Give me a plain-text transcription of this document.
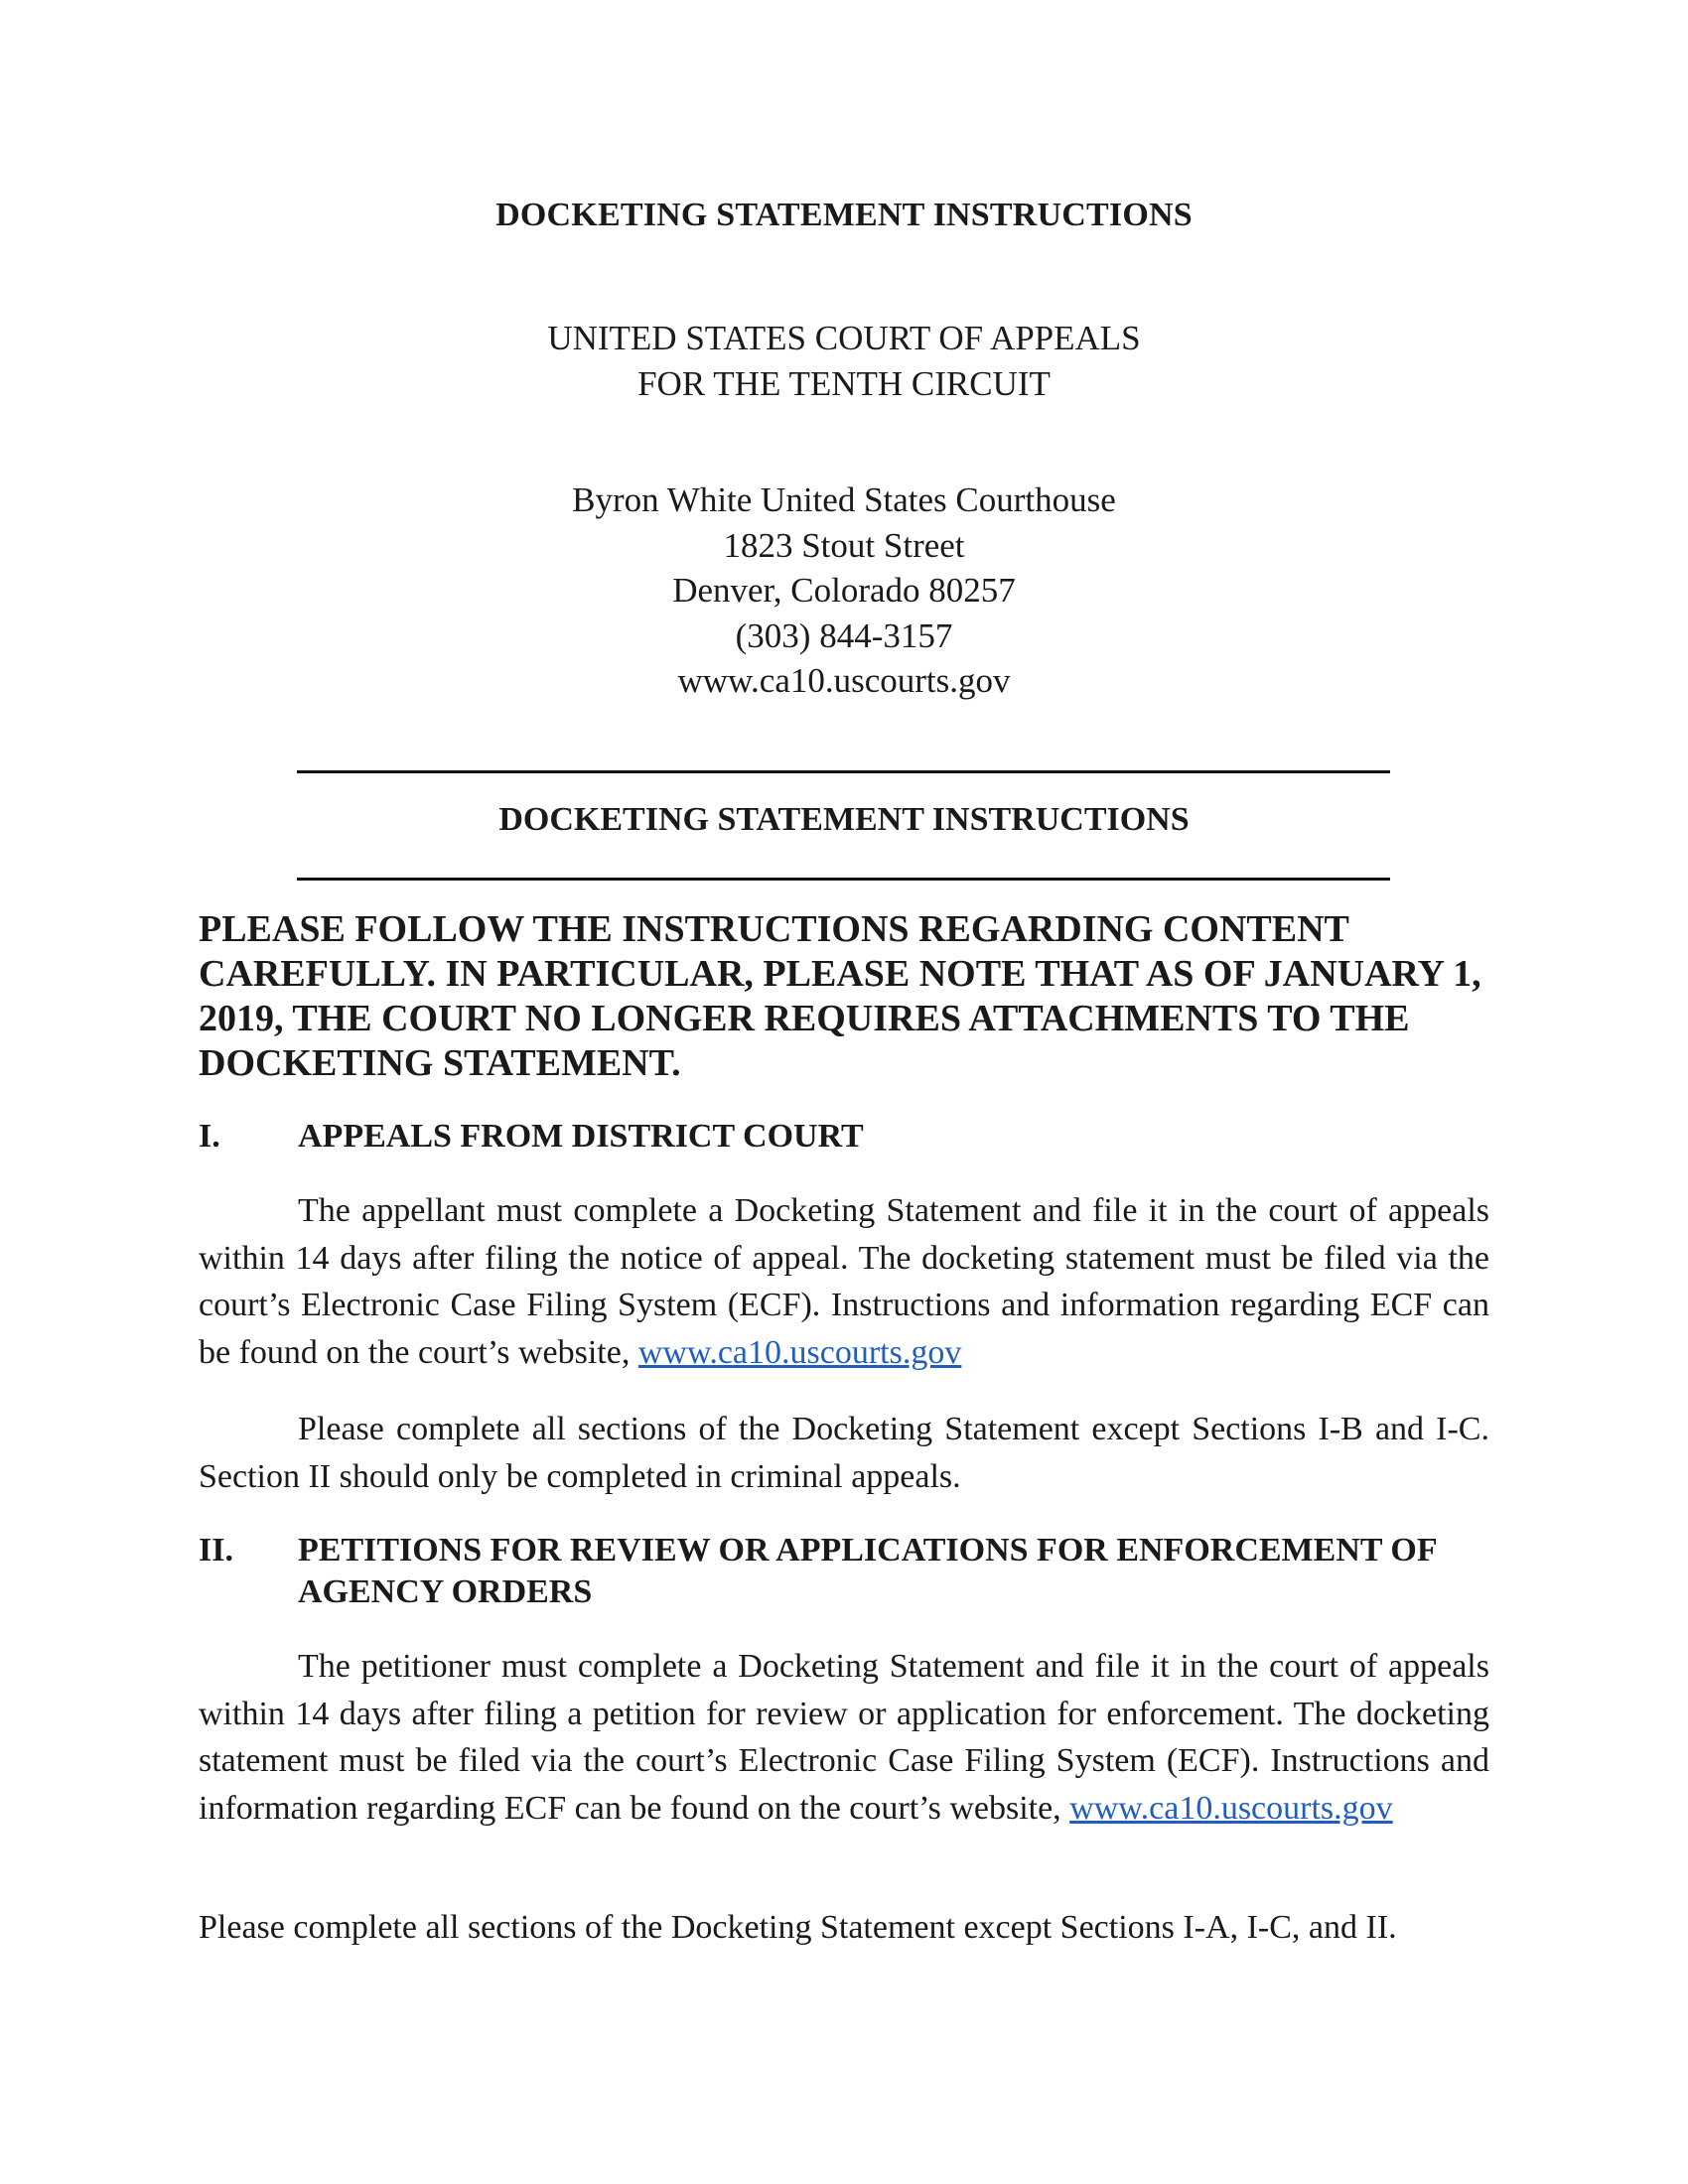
DOCKETING STATEMENT INSTRUCTIONS
UNITED STATES COURT OF APPEALS
FOR THE TENTH CIRCUIT
Byron White United States Courthouse
1823 Stout Street
Denver, Colorado 80257
(303) 844-3157
www.ca10.uscourts.gov
DOCKETING STATEMENT INSTRUCTIONS
PLEASE FOLLOW THE INSTRUCTIONS REGARDING CONTENT CAREFULLY. IN PARTICULAR, PLEASE NOTE THAT AS OF JANUARY 1, 2019, THE COURT NO LONGER REQUIRES ATTACHMENTS TO THE DOCKETING STATEMENT.
I. APPEALS FROM DISTRICT COURT
The appellant must complete a Docketing Statement and file it in the court of appeals within 14 days after filing the notice of appeal. The docketing statement must be filed via the court’s Electronic Case Filing System (ECF). Instructions and information regarding ECF can be found on the court’s website, www.ca10.uscourts.gov
Please complete all sections of the Docketing Statement except Sections I-B and I-C. Section II should only be completed in criminal appeals.
II. PETITIONS FOR REVIEW OR APPLICATIONS FOR ENFORCEMENT OF AGENCY ORDERS
The petitioner must complete a Docketing Statement and file it in the court of appeals within 14 days after filing a petition for review or application for enforcement. The docketing statement must be filed via the court’s Electronic Case Filing System (ECF). Instructions and information regarding ECF can be found on the court’s website, www.ca10.uscourts.gov
Please complete all sections of the Docketing Statement except Sections I-A, I-C, and II.
